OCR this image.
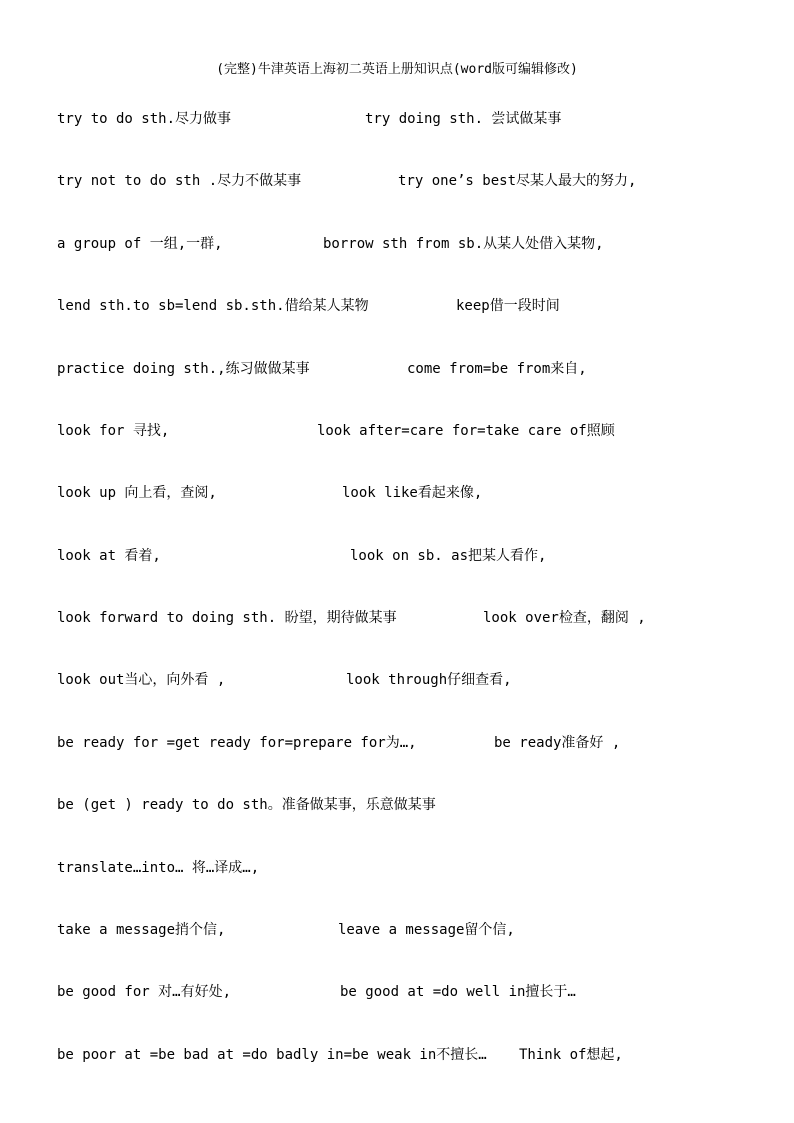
(完整)牛津英语上海初二英语上册知识点(word版可编辑修改)
try to do sth.尽力做事	try doing sth. 尝试做某事
try not to do sth .尽力不做某事	try one’s best尽某人最大的努力,
a group of 一组,一群,	borrow sth from sb.从某人处借入某物,
lend sth.to sb=lend sb.sth.借给某人某物	keep借一段时间
practice doing sth.,练习做做某事	come from=be from来自,
look for 寻找,	look after=care for=take care of照顾
look up 向上看，查阅,	look like看起来像,
look at 看着,	look on sb. as把某人看作,
look forward to doing sth. 盼望，期待做某事	look over检查，翻阅 ,
look out当心，向外看 ,	look through仔细查看,
be ready for =get ready for=prepare for为…,	be ready准备好 ,
be (get ) ready to do sth。准备做某事，乐意做某事
translate…into… 将…译成…,
take a message捎个信,	leave a message留个信,
be good for 对…有好处,	be good at =do well in擅长于…
be poor at =be bad at =do badly in=be weak in不擅长… Think of想起,
